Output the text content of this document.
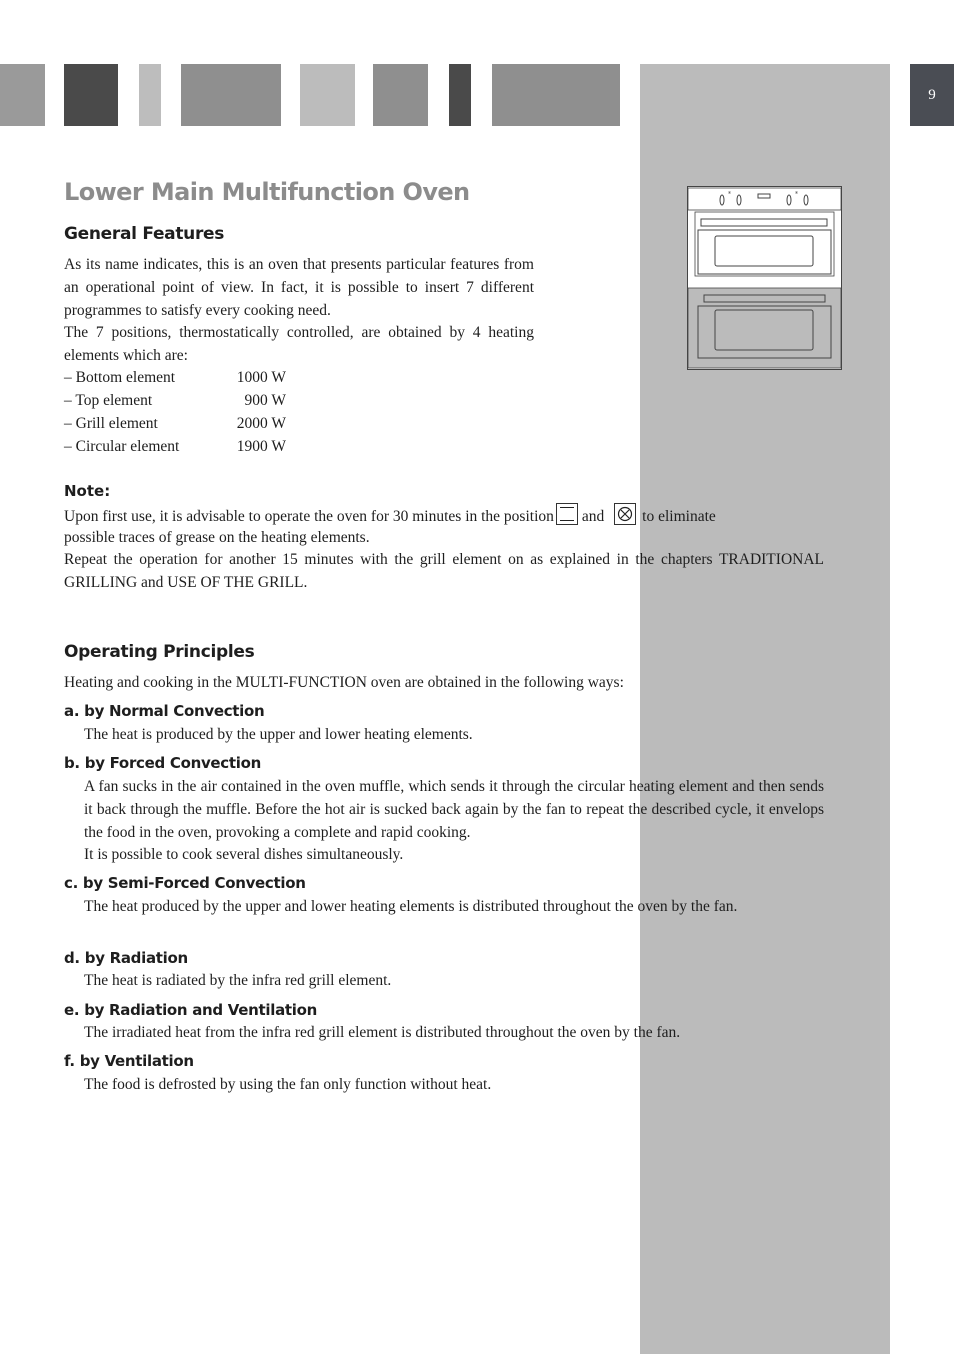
9
*	*
Lower Main Multifunction Oven
General Features
As its name indicates, this is an oven that presents particular features from an operational point of view. In fact, it is possible to insert 7 different programmes to satisfy every cooking need.
The 7 positions, thermostatically controlled, are obtained by 4 heating elements which are:
– Bottom element	1000 W
– Top element	900 W
– Grill element	2000 W
– Circular element	1900 W
Note:
Upon first use, it is advisable to operate the oven for 30 minutes in the position and to eliminate
possible traces of grease on the heating elements.
Repeat the operation for another 15 minutes with the grill element on as explained in the chapters TRADITIONAL GRILLING and USE OF THE GRILL.
Operating Principles
Heating and cooking in the MULTI-FUNCTION oven are obtained in the following ways:
a. by Normal Convection
The heat is produced by the upper and lower heating elements.
b. by Forced Convection
A fan sucks in the air contained in the oven muffle, which sends it through the circular heating element and then sends it back through the muffle. Before the hot air is sucked back again by the fan to repeat the described cycle, it envelops the food in the oven, provoking a complete and rapid cooking.
It is possible to cook several dishes simultaneously.
c. by Semi-Forced Convection
The heat produced by the upper and lower heating elements is distributed throughout the oven by the fan.
d. by Radiation
The heat is radiated by the infra red grill element.
e. by Radiation and Ventilation
The irradiated heat from the infra red grill element is distributed throughout the oven by the fan.
f. by Ventilation
The food is defrosted by using the fan only function without heat.
